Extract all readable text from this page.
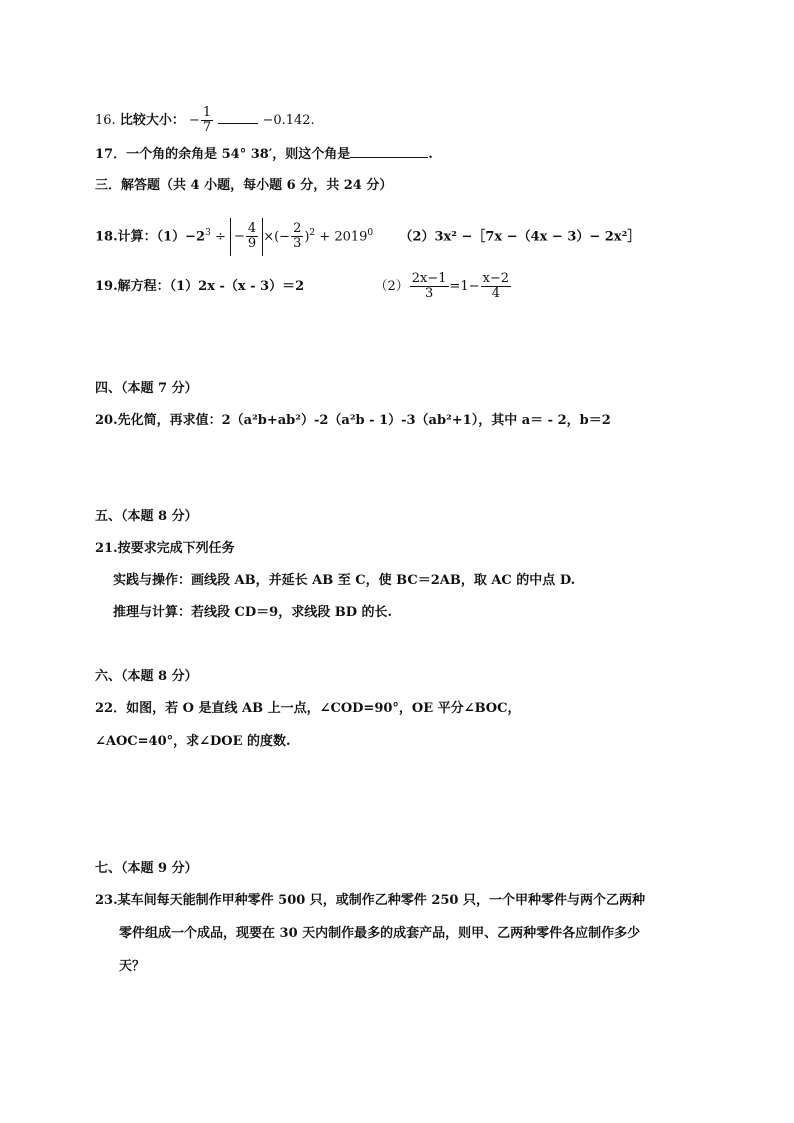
16. 比较大小： − $\frac{1}{7}$	−0.142.
17．一个角的余角是 54° 38′，则这个角是	.
三．解答题（共 4 小题，每小题 6 分，共 24 分）
18.计算：$(1)-2^3$ ÷ − $\frac{4}{9}$ ×(− $\frac{2}{3} )^2 + 2019^0$ （2）3x² −［7x −（4x − 3）− 2x²］
19.解方程：（1）2x -（x - 3）＝2	$(2) \frac{2x-1}{3} =1- \frac{x-2}{4}$
四、（本题 7 分）
20.先化简，再求值：2（a²b+ab²）-2（a²b - 1）-3（ab²+1），其中 a＝ - 2，b＝2
五、（本题 8 分）
21.按要求完成下列任务
实践与操作：画线段 AB，并延长 AB 至 C，使 BC＝2AB，取 AC 的中点 D.
推理与计算：若线段 CD＝9，求线段 BD 的长.
六、（本题 8 分）
22．如图，若 O 是直线 AB 上一点，∠COD=90°，OE 平分∠BOC，
∠AOC=40°，求∠DOE 的度数.
七、（本题 9 分）
23.某车间每天能制作甲种零件 500 只，或制作乙种零件 250 只，一个甲种零件与两个乙两种
零件组成一个成品，现要在 30 天内制作最多的成套产品，则甲、乙两种零件各应制作多少
天？
